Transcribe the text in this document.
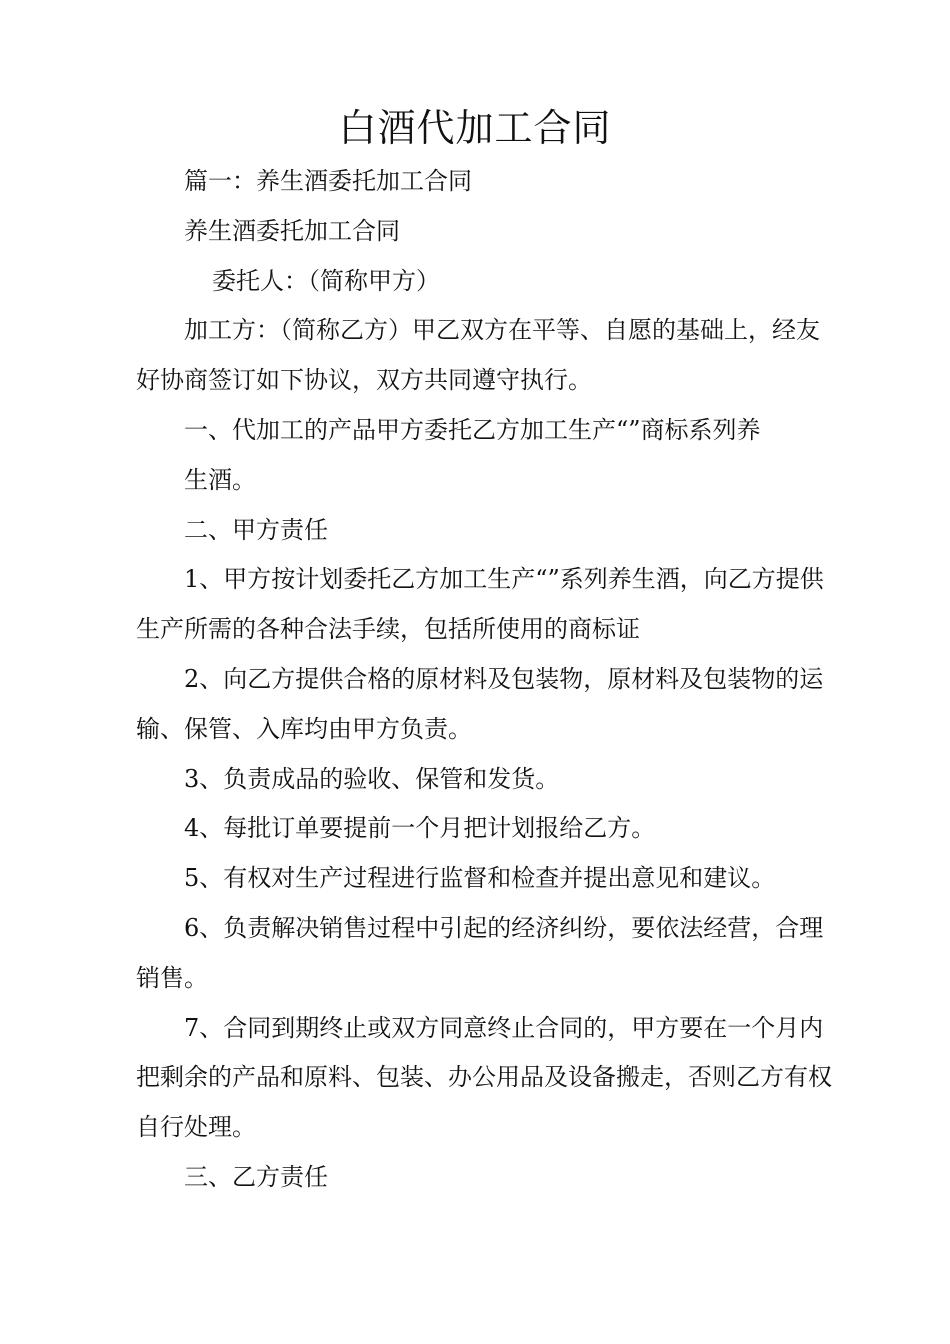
白酒代加工合同

篇一：养生酒委托加工合同

养生酒委托加工合同

委托人：（简称甲方）

加工方：（简称乙方）甲乙双方在平等、自愿的基础上，经友好协商签订如下协议，双方共同遵守执行。

一、代加工的产品甲方委托乙方加工生产“”商标系列养

生酒。

二、甲方责任

1、甲方按计划委托乙方加工生产“”系列养生酒，向乙方提供生产所需的各种合法手续，包括所使用的商标证

2、向乙方提供合格的原材料及包装物，原材料及包装物的运输、保管、入库均由甲方负责。

3、负责成品的验收、保管和发货。

4、每批订单要提前一个月把计划报给乙方。

5、有权对生产过程进行监督和检查并提出意见和建议。

6、负责解决销售过程中引起的经济纠纷，要依法经营，合理销售。

7、合同到期终止或双方同意终止合同的，甲方要在一个月内把剩余的产品和原料、包装、办公用品及设备搬走，否则乙方有权自行处理。

三、乙方责任
